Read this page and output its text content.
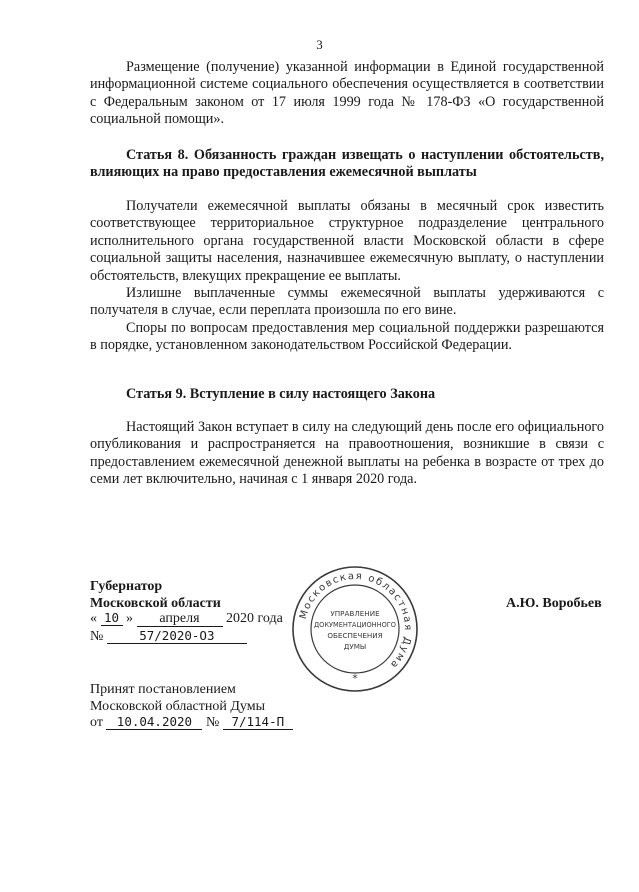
3

Размещение (получение) указанной информации в Единой государственной информационной системе социального обеспечения осуществляется в соответствии с Федеральным законом от 17 июля 1999 года № 178-ФЗ «О государственной социальной помощи».

Статья 8. Обязанность граждан извещать о наступлении обстоятельств, влияющих на право предоставления ежемесячной выплаты

Получатели ежемесячной выплаты обязаны в месячный срок известить соответствующее территориальное структурное подразделение центрального исполнительного органа государственной власти Московской области в сфере социальной защиты населения, назначившее ежемесячную выплату, о наступлении обстоятельств, влекущих прекращение ее выплаты.

Излишне выплаченные суммы ежемесячной выплаты удерживаются с получателя в случае, если переплата произошла по его вине.

Споры по вопросам предоставления мер социальной поддержки разрешаются в порядке, установленном законодательством Российской Федерации.

Статья 9. Вступление в силу настоящего Закона

Настоящий Закон вступает в силу на следующий день после его официального опубликования и распространяется на правоотношения, возникшие в связи с предоставлением ежемесячной денежной выплаты на ребенка в возрасте от трех до семи лет включительно, начиная с 1 января 2020 года.

Губернатор
Московской области	А.Ю. Воробьев
« 10 » апреля 2020 года
№	57/2020-ОЗ
Московская областная Дума
УПРАВЛЕНИЕ
ДОКУМЕНТАЦИОННОГО
ОБЕСПЕЧЕНИЯ
ДУМЫ
*
Принят постановлением
Московской областной Думы
от 10.04.2020 № 7/114-П
